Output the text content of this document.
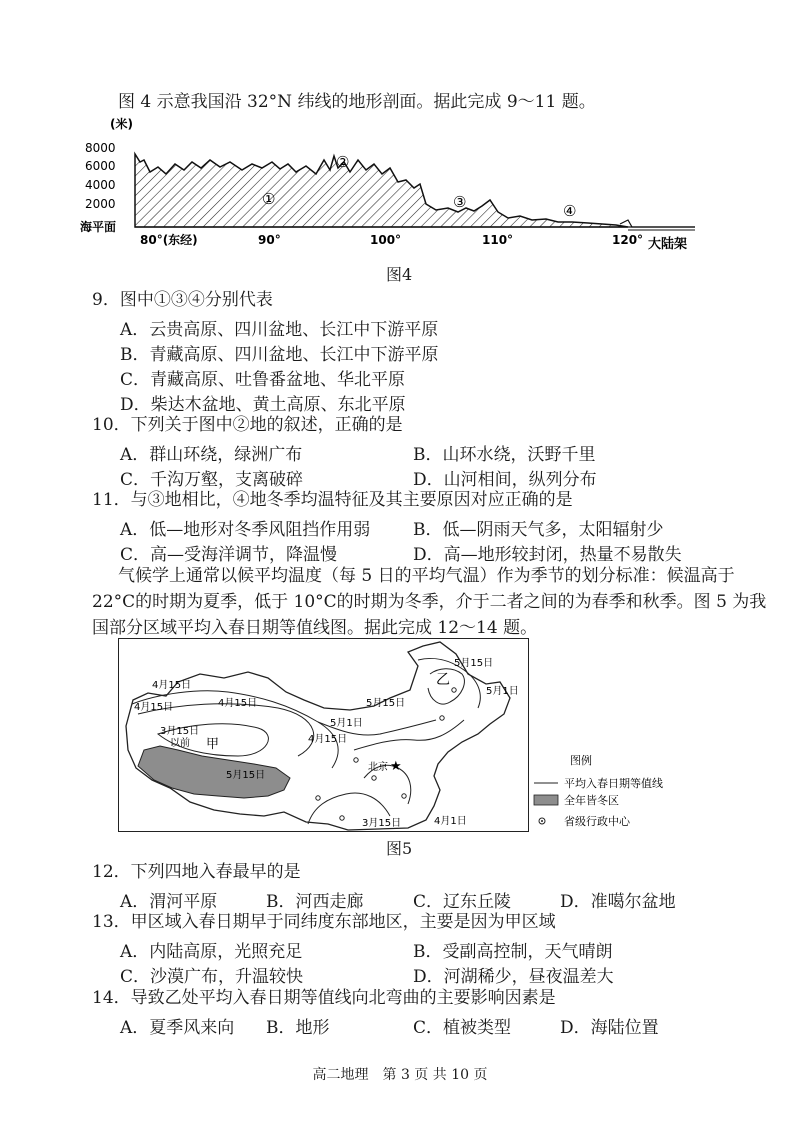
图 4 示意我国沿 32°N 纬线的地形剖面。据此完成 9～11 题。
(米)
8000
6000
4000
2000
海平面
①
②
③	④
80°(东经)	90°	100°	110°	120° 大陆架
图4
9．图中①③④分别代表
A．云贵高原、四川盆地、长江中下游平原
B．青藏高原、四川盆地、长江中下游平原
C．青藏高原、吐鲁番盆地、华北平原
D．柴达木盆地、黄土高原、东北平原
10．下列关于图中②地的叙述，正确的是
A．群山环绕，绿洲广布	B．山环水绕，沃野千里
C．千沟万壑，支离破碎	D．山河相间，纵列分布
11．与③地相比，④地冬季均温特征及其主要原因对应正确的是
A．低—地形对冬季风阻挡作用弱	B．低—阴雨天气多，太阳辐射少
C．高—受海洋调节，降温慢	D．高—地形较封闭，热量不易散失
气候学上通常以候平均温度（每 5 日的平均气温）作为季节的划分标准：候温高于
22°C的时期为夏季，低于 10°C的时期为冬季，介于二者之间的为春季和秋季。图 5 为我
国部分区域平均入春日期等值线图。据此完成 12～14 题。
★
5月15日
5月1日
4月15日
4月15日	4月15日
3月15日
以前 甲
5月15日
5月1日
4月15日
5月15日
乙
北京
3月15日	4月1日
图例
平均入春日期等值线
全年皆冬区
省级行政中心
图5
12．下列四地入春最早的是
A．渭河平原	B．河西走廊	C．辽东丘陵	D．准噶尔盆地
13．甲区域入春日期早于同纬度东部地区，主要是因为甲区域
A．内陆高原，光照充足	B．受副高控制，天气晴朗
C．沙漠广布，升温较快	D．河湖稀少，昼夜温差大
14．导致乙处平均入春日期等值线向北弯曲的主要影响因素是
A．夏季风来向 B．地形	C．植被类型	D．海陆位置
高二地理　第 3 页 共 10 页
